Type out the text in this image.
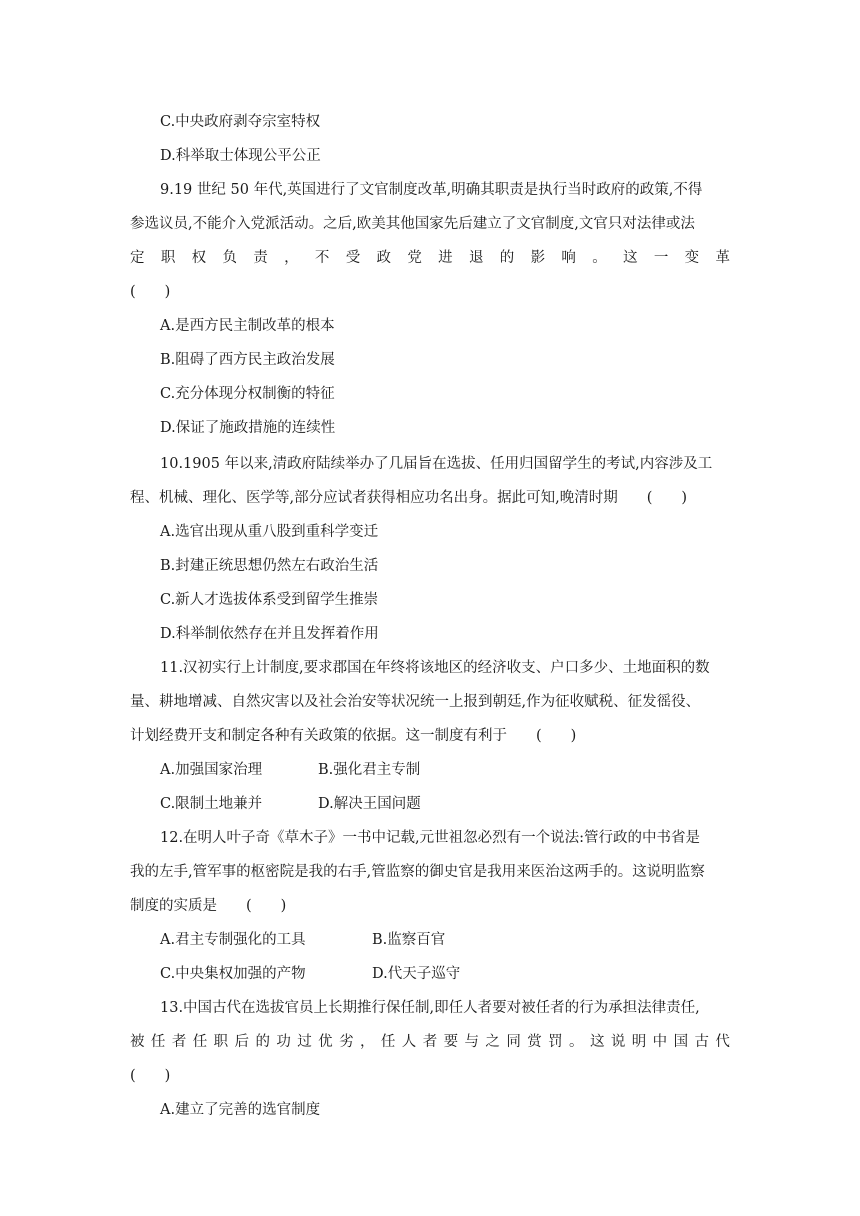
C.中央政府剥夺宗室特权
D.科举取士体现公平公正
9.19 世纪 50 年代,英国进行了文官制度改革,明确其职责是执行当时政府的政策,不得
参选议员,不能介入党派活动。之后,欧美其他国家先后建立了文官制度,文官只对法律或法
定 职 权 负 责 ， 不 受 政 党 进 退 的 影 响 。 这 一 变 革
(　　)
A.是西方民主制改革的根本
B.阻碍了西方民主政治发展
C.充分体现分权制衡的特征
D.保证了施政措施的连续性
10.1905 年以来,清政府陆续举办了几届旨在选拔、任用归国留学生的考试,内容涉及工
程、机械、理化、医学等,部分应试者获得相应功名出身。据此可知,晚清时期　　(　　)
A.选官出现从重八股到重科学变迁
B.封建正统思想仍然左右政治生活
C.新人才选拔体系受到留学生推崇
D.科举制依然存在并且发挥着作用
11.汉初实行上计制度,要求郡国在年终将该地区的经济收支、户口多少、土地面积的数
量、耕地增减、自然灾害以及社会治安等状况统一上报到朝廷,作为征收赋税、征发徭役、
计划经费开支和制定各种有关政策的依据。这一制度有利于　　(　　)
A.加强国家治理	B.强化君主专制
C.限制土地兼并	D.解决王国问题
12.在明人叶子奇《草木子》一书中记载,元世祖忽必烈有一个说法:管行政的中书省是
我的左手,管军事的枢密院是我的右手,管监察的御史官是我用来医治这两手的。这说明监察
制度的实质是　　(　　)
A.君主专制强化的工具	B.监察百官
C.中央集权加强的产物	D.代天子巡守
13.中国古代在选拔官员上长期推行保任制,即任人者要对被任者的行为承担法律责任,
被 任 者 任 职 后 的 功 过 优 劣 ， 任 人 者 要 与 之 同 赏 罚 。 这 说 明 中 国 古 代
(　　)
A.建立了完善的选官制度
